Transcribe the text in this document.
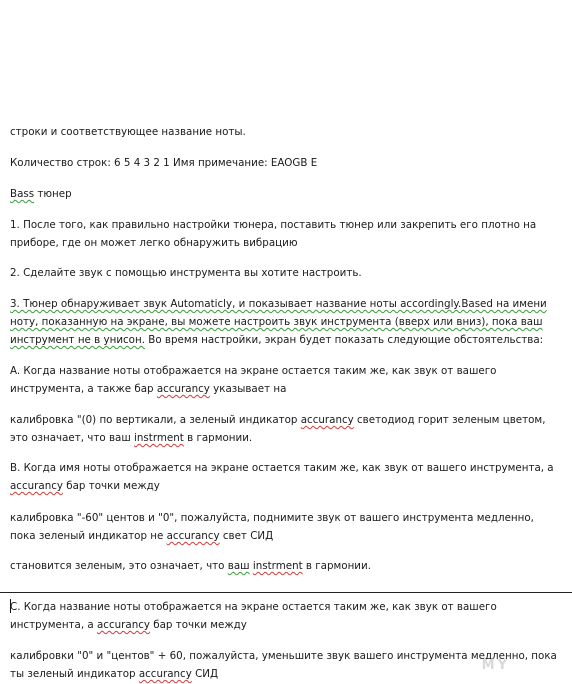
строки и соответствующее название ноты.
Количество строк: 6 5 4 3 2 1 Имя примечание: EAOGB E
Bass тюнер
1. После того, как правильно настройки тюнера, поставить тюнер или закрепить его плотно на
приборе, где он может легко обнаружить вибрацию
2. Сделайте звук с помощью инструмента вы хотите настроить.
3. Тюнер обнаруживает звук Automaticly, и показывает название ноты accordingly.Based на имени
ноту, показанную на экране, вы можете настроить звук инструмента (вверх или вниз), пока ваш
инструмент не в унисон. Во время настройки, экран будет показать следующие обстоятельства:
A. Когда название ноты отображается на экране остается таким же, как звук от вашего
инструмента, а также бар accurancy указывает на
калибровка "(0) по вертикали, а зеленый индикатор accurancy светодиод горит зеленым цветом,
это означает, что ваш instrment в гармонии.
B. Когда имя ноты отображается на экране остается таким же, как звук от вашего инструмента, а
accurancy бар точки между
калибровка "-60" центов и "0", пожалуйста, поднимите звук от вашего инструмента медленно,
пока зеленый индикатор не accurancy свет СИД
становится зеленым, это означает, что ваш instrment в гармонии.
C. Когда название ноты отображается на экране остается таким же, как звук от вашего
инструмента, а accurancy бар точки между
калибровки "0" и "центов" + 60, пожалуйста, уменьшите звук вашего инструмента медленно, пока
ты зеленый индикатор accurancy СИД
MY
